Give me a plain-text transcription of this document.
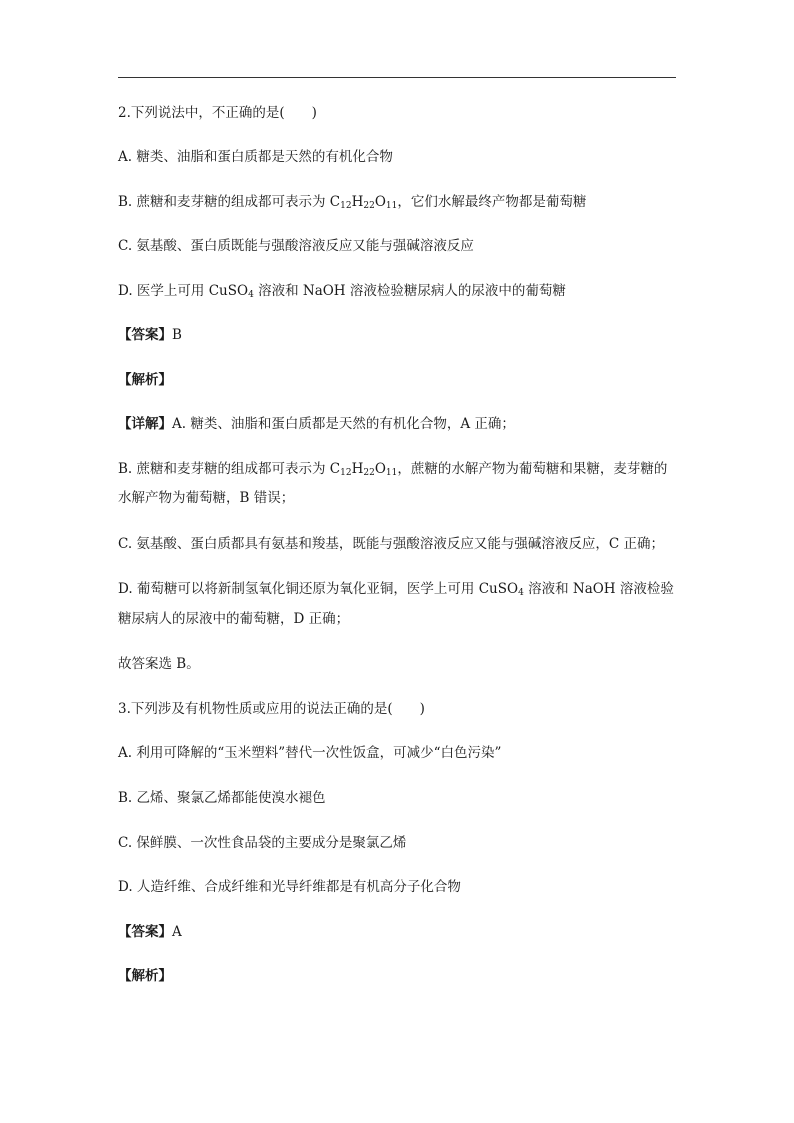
2.下列说法中，不正确的是(　　)
A. 糖类、油脂和蛋白质都是天然的有机化合物
B. 蔗糖和麦芽糖的组成都可表示为 $C_{12}H_{22}O_{11}$，它们水解最终产物都是葡萄糖
C. 氨基酸、蛋白质既能与强酸溶液反应又能与强碱溶液反应
D. 医学上可用 CuSO$_4$ 溶液和 NaOH 溶液检验糖尿病人的尿液中的葡萄糖
【答案】B
【解析】
【详解】A. 糖类、油脂和蛋白质都是天然的有机化合物，A 正确；
B. 蔗糖和麦芽糖的组成都可表示为 $C_{12}H_{22}O_{11}$，蔗糖的水解产物为葡萄糖和果糖，麦芽糖的
水解产物为葡萄糖，B 错误；
C. 氨基酸、蛋白质都具有氨基和羧基，既能与强酸溶液反应又能与强碱溶液反应，C 正确；
D. 葡萄糖可以将新制氢氧化铜还原为氧化亚铜，医学上可用 CuSO$_4$ 溶液和 NaOH 溶液检验
糖尿病人的尿液中的葡萄糖，D 正确；
故答案选 B。
3.下列涉及有机物性质或应用的说法正确的是(　　)
A. 利用可降解的“玉米塑料”替代一次性饭盒，可减少“白色污染”
B. 乙烯、聚氯乙烯都能使溴水褪色
C. 保鲜膜、一次性食品袋的主要成分是聚氯乙烯
D. 人造纤维、合成纤维和光导纤维都是有机高分子化合物
【答案】A
【解析】
